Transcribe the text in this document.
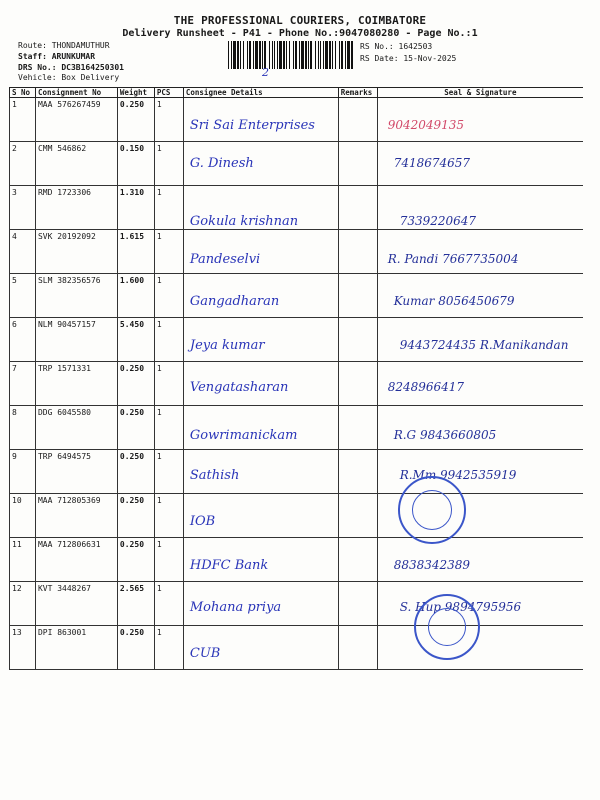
THE PROFESSIONAL COURIERS, COIMBATORE
Delivery Runsheet - P41 - Phone No.:9047080280 - Page No.:1
Route: THONDAMUTHUR
Staff: ARUNKUMAR
DRS No.: DC3B164250301
Vehicle: Box Delivery
RS No.: 1642503
RS Date: 15-Nov-2025
2
S No	Consignment No	Weight	PCS	Consignee Details	Remarks	Seal & Signature
1	MAA 576267459	0.250	1	Sri Sai Enterprises		9042049135

2	CMM 546862	0.150	1	G. Dinesh		7418674657

3	RMD 1723306	1.310	1	Gokula krishnan		7339220647

4	SVK 20192092	1.615	1	Pandeselvi		R. Pandi 7667735004

5	SLM 382356576	1.600	1	Gangadharan		Kumar 8056450679

6	NLM 90457157	5.450	1	Jeya kumar		9443724435 R.Manikandan

7	TRP 1571331	0.250	1	Vengatasharan		8248966417

8	DDG 6045580	0.250	1	Gowrimanickam		R.G 9843660805

9	TRP 6494575	0.250	1	Sathish		R.Mm 9942535919

10	MAA 712805369	0.250	1	IOB		

11	MAA 712806631	0.250	1	HDFC Bank		8838342389

12	KVT 3448267	2.565	1	Mohana priya		S. Hup 9894795956

13	DPI 863001	0.250	1	CUB		
